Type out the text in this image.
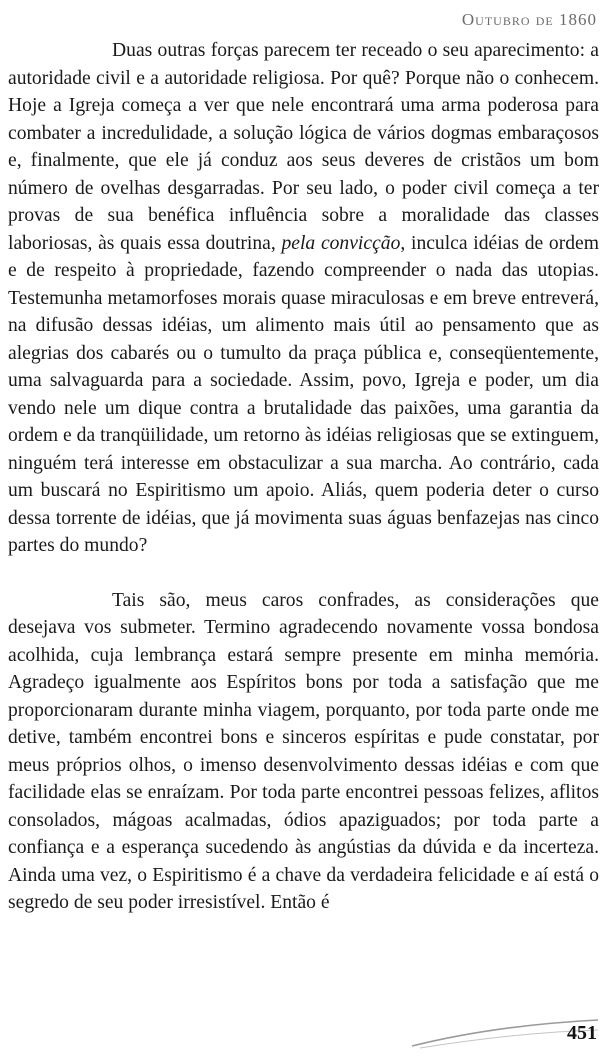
Outubro de 1860

Duas outras forças parecem ter receado o seu aparecimento: a autoridade civil e a autoridade religiosa. Por quê? Porque não o conhecem. Hoje a Igreja começa a ver que nele encontrará uma arma poderosa para combater a incredulidade, a solução lógica de vários dogmas embaraçosos e, finalmente, que ele já conduz aos seus deveres de cristãos um bom número de ovelhas desgarradas. Por seu lado, o poder civil começa a ter provas de sua benéfica influência sobre a moralidade das classes laboriosas, às quais essa doutrina, pela convicção, inculca idéias de ordem e de respeito à propriedade, fazendo compreender o nada das utopias. Testemunha metamorfoses morais quase miraculosas e em breve entreverá, na difusão dessas idéias, um alimento mais útil ao pensamento que as alegrias dos cabarés ou o tumulto da praça pública e, conseqüentemente, uma salvaguarda para a sociedade. Assim, povo, Igreja e poder, um dia vendo nele um dique contra a brutalidade das paixões, uma garantia da ordem e da tranqüilidade, um retorno às idéias religiosas que se extinguem, ninguém terá interesse em obstaculizar a sua marcha. Ao contrário, cada um buscará no Espiritismo um apoio. Aliás, quem poderia deter o curso dessa torrente de idéias, que já movimenta suas águas benfazejas nas cinco partes do mundo?

Tais são, meus caros confrades, as considerações que desejava vos submeter. Termino agradecendo novamente vossa bondosa acolhida, cuja lembrança estará sempre presente em minha memória. Agradeço igualmente aos Espíritos bons por toda a satisfação que me proporcionaram durante minha viagem, porquanto, por toda parte onde me detive, também encontrei bons e sinceros espíritas e pude constatar, por meus próprios olhos, o imenso desenvolvimento dessas idéias e com que facilidade elas se enraízam. Por toda parte encontrei pessoas felizes, aflitos consolados, mágoas acalmadas, ódios apaziguados; por toda parte a confiança e a esperança sucedendo às angústias da dúvida e da incerteza. Ainda uma vez, o Espiritismo é a chave da verdadeira felicidade e aí está o segredo de seu poder irresistível. Então é

451
